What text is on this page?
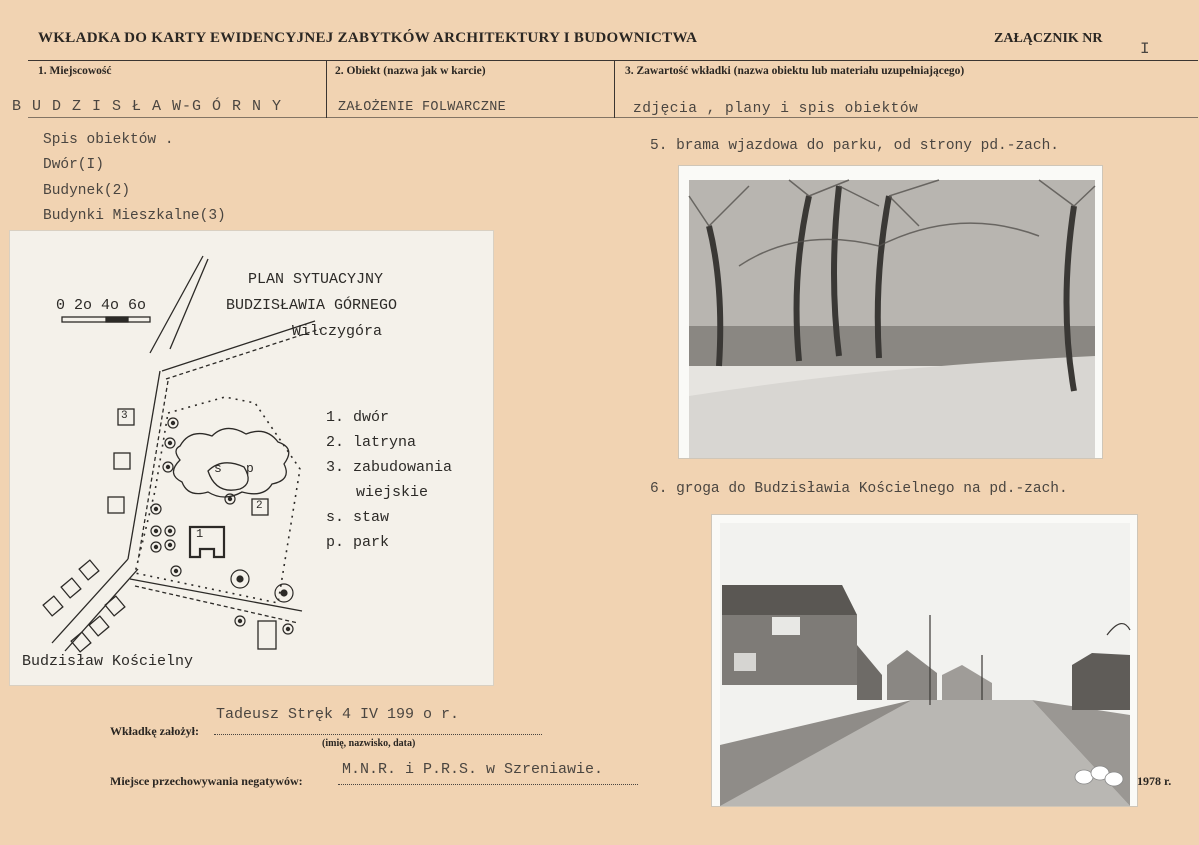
WKŁADKA DO KARTY EWIDENCYJNEJ ZABYTKÓW ARCHITEKTURY I BUDOWNICTWA	ZAŁĄCZNIK NR
I
1. Miejscowość	2. Obiekt (nazwa jak w karcie)	3. Zawartość wkładki (nazwa obiektu lub materiału uzupełniającego)
B U D Z I S Ł A W-G Ó R N Y	ZAŁOŻENIE FOLWARCZNE	zdjęcia , plany i spis obiektów
Spis obiektów .
Dwór(I)
Budynek(2)
Budynki Mieszkalne(3)
PLAN SYTUACYJNY
BUDZISŁAWIA GÓRNEGO
Wilczygóra
0 2o 4o 6o
1. dwór
2. latryna
3. zabudowania
wiejskie
s. staw
p. park
Budzisław Kościelny
1
2
3
s p
5. brama wjazdowa do parku, od strony pd.-zach.
6. groga do Budzisławia Kościelnego na pd.-zach.
Wkładkę założył:
Tadeusz Stręk 4 IV 199 o r.
(imię, nazwisko, data)
Miejsce przechowywania negatywów:
M.N.R. i P.R.S. w Szreniawie.
1978 r.
